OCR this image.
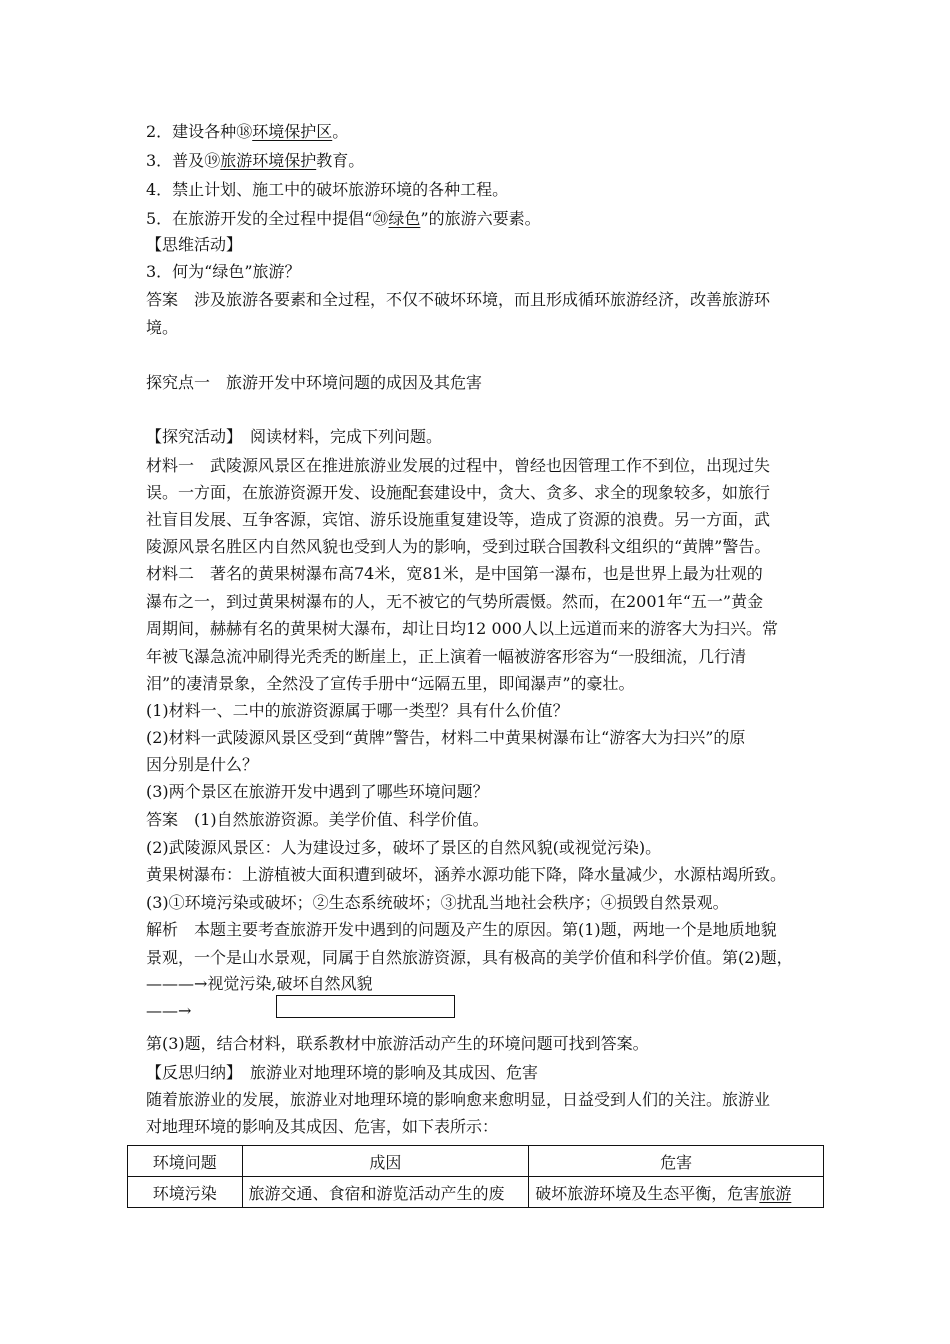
2．建设各种⑱环境保护区。
3．普及⑲旅游环境保护教育。
4．禁止计划、施工中的破坏旅游环境的各种工程。
5．在旅游开发的全过程中提倡“⑳绿色”的旅游六要素。
【思维活动】
3．何为“绿色”旅游？
答案　涉及旅游各要素和全过程，不仅不破坏环境，而且形成循环旅游经济，改善旅游环
境。
探究点一　旅游开发中环境问题的成因及其危害
【探究活动】　阅读材料，完成下列问题。
材料一　武陵源风景区在推进旅游业发展的过程中，曾经也因管理工作不到位，出现过失
误。一方面，在旅游资源开发、设施配套建设中，贪大、贪多、求全的现象较多，如旅行
社盲目发展、互争客源，宾馆、游乐设施重复建设等，造成了资源的浪费。另一方面，武
陵源风景名胜区内自然风貌也受到人为的影响，受到过联合国教科文组织的“黄牌”警告。
材料二　著名的黄果树瀑布高74米，宽81米，是中国第一瀑布，也是世界上最为壮观的
瀑布之一，到过黄果树瀑布的人，无不被它的气势所震慑。然而，在2001年“五一”黄金
周期间，赫赫有名的黄果树大瀑布，却让日均12 000人以上远道而来的游客大为扫兴。常
年被飞瀑急流冲刷得光秃秃的断崖上，正上演着一幅被游客形容为“一股细流，几行清
泪”的凄清景象，全然没了宣传手册中“远隔五里，即闻瀑声”的豪壮。
(1)材料一、二中的旅游资源属于哪一类型？具有什么价值？
(2)材料一武陵源风景区受到“黄牌”警告，材料二中黄果树瀑布让“游客大为扫兴”的原
因分别是什么？
(3)两个景区在旅游开发中遇到了哪些环境问题？
答案　(1)自然旅游资源。美学价值、科学价值。
(2)武陵源风景区：人为建设过多，破坏了景区的自然风貌(或视觉污染)。
黄果树瀑布：上游植被大面积遭到破坏，涵养水源功能下降，降水量减少，水源枯竭所致。
(3)①环境污染或破坏；②生态系统破坏；③扰乱当地社会秩序；④损毁自然景观。
解析　本题主要考查旅游开发中遇到的问题及产生的原因。第(1)题，两地一个是地质地貌
景观，一个是山水景观，同属于自然旅游资源，具有极高的美学价值和科学价值。第(2)题，
———→视觉污染,破坏自然风貌
——→
第(3)题，结合材料，联系教材中旅游活动产生的环境问题可找到答案。
【反思归纳】　旅游业对地理环境的影响及其成因、危害
随着旅游业的发展，旅游业对地理环境的影响愈来愈明显，日益受到人们的关注。旅游业
对地理环境的影响及其成因、危害，如下表所示：
环境问题	成因	危害
环境污染	旅游交通、食宿和游览活动产生的废	破坏旅游环境及生态平衡，危害旅游
